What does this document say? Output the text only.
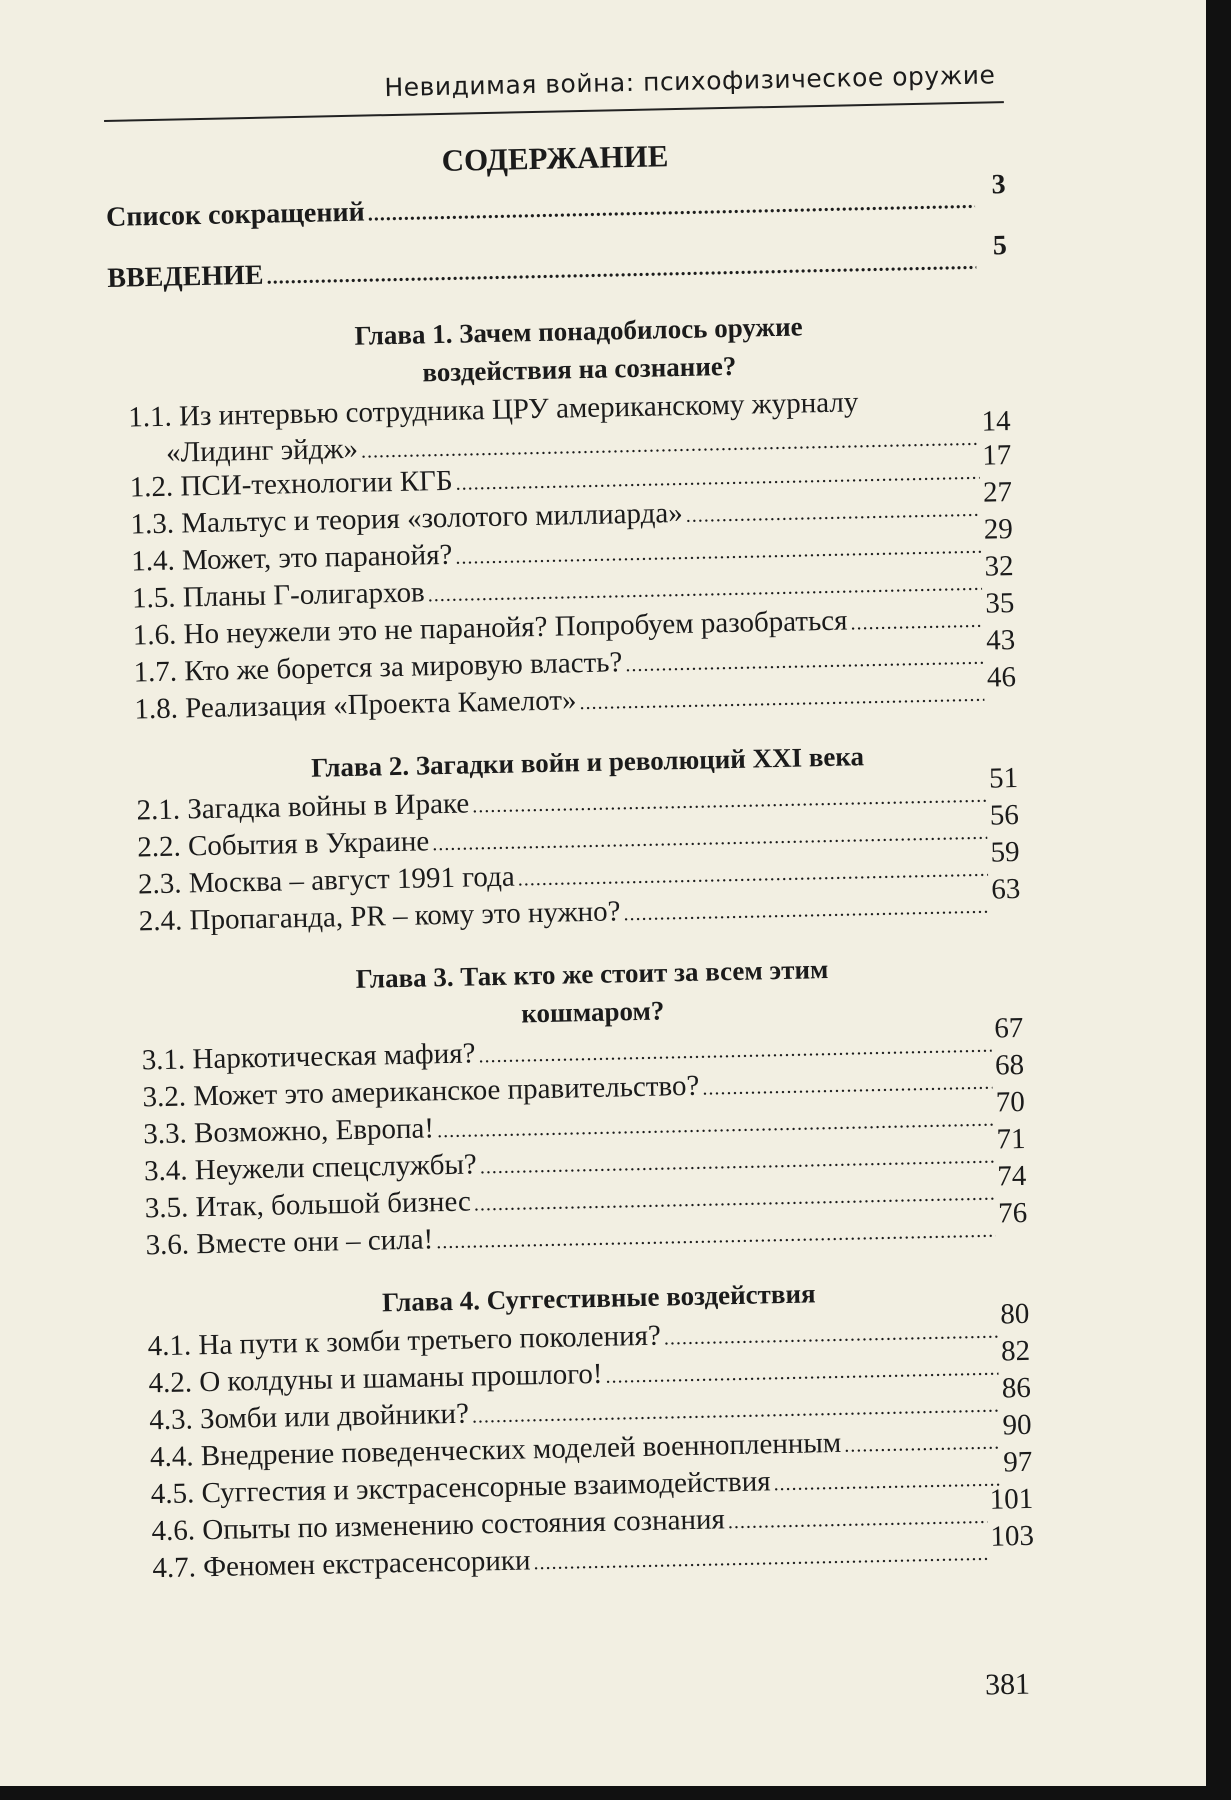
Невидимая война: психофизическое оружие
СОДЕРЖАНИЕ
Список сокращений
.....
3
ВВЕДЕНИЕ
.....
5
Глава 1. Зачем понадобилось оружие
воздействия на сознание?
1.1. Из интервью сотрудника ЦРУ американскому журналу
«Лидинг эйдж»
.....
14
1.2. ПСИ-технологии КГБ
.....
17
1.3. Мальтус и теория «золотого миллиарда»
.....
27
1.4. Может, это паранойя?
.....
29
1.5. Планы Г-олигархов
.....
32
1.6. Но неужели это не паранойя? Попробуем разобраться
.....
35
1.7. Кто же борется за мировую власть?
.....
43
1.8. Реализация «Проекта Камелот»
.....
46
Глава 2. Загадки войн и революций XXI века
2.1. Загадка войны в Ираке
.....
51
2.2. События в Украине
.....
56
2.3. Москва – август 1991 года
.....
59
2.4. Пропаганда, PR – кому это нужно?
.....
63
Глава 3. Так кто же стоит за всем этим
кошмаром?
3.1. Наркотическая мафия?
.....
67
3.2. Может это американское правительство?
.....
68
3.3. Возможно, Европа!
.....
70
3.4. Неужели спецслужбы?
.....
71
3.5. Итак, большой бизнес
.....
74
3.6. Вместе они – сила!
.....
76
Глава 4. Суггестивные воздействия
4.1. На пути к зомби третьего поколения?
.....
80
4.2. О колдуны и шаманы прошлого!
.....
82
4.3. Зомби или двойники?
.....
86
4.4. Внедрение поведенческих моделей военнопленным
.....
90
4.5. Суггестия и экстрасенсорные взаимодействия
.....
97
4.6. Опыты по изменению состояния сознания
.....
101
4.7. Феномен екстрасенсорики
.....
103
381
